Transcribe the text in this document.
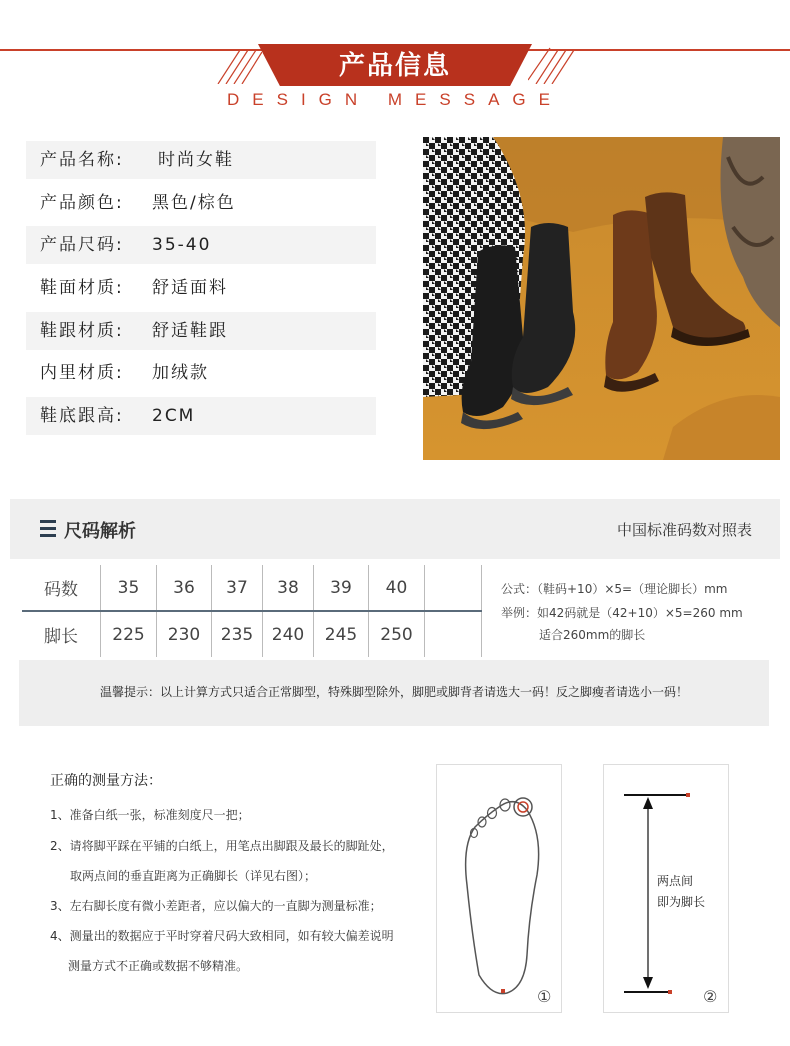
产品信息
DESIGN MESSAGE
产品名称: 时尚女鞋
产品颜色: 黑色/棕色
产品尺码: 35-40
鞋面材质: 舒适面料
鞋跟材质: 舒适鞋跟
内里材质: 加绒款
鞋底跟高: 2CM
尺码解析	中国标准码数对照表
码数	35	36	37	38	39	40	
脚长	225	230	235	240	245	250	
公式：（鞋码+10）×5=（理论脚长）mm
举例：如42码就是（42+10）×5=260 mm
适合260mm的脚长
温馨提示：以上计算方式只适合正常脚型，特殊脚型除外，脚肥或脚背者请选大一码！反之脚瘦者请选小一码！
正确的测量方法：
1、准备白纸一张，标准刻度尺一把；
2、请将脚平踩在平铺的白纸上，用笔点出脚跟及最长的脚趾处，
取两点间的垂直距离为正确脚长（详见右图）；
3、左右脚长度有微小差距者，应以偏大的一直脚为测量标准；
4、测量出的数据应于平时穿着尺码大致相同，如有较大偏差说明
测量方式不正确或数据不够精准。
①
两点间
即为脚长
②
